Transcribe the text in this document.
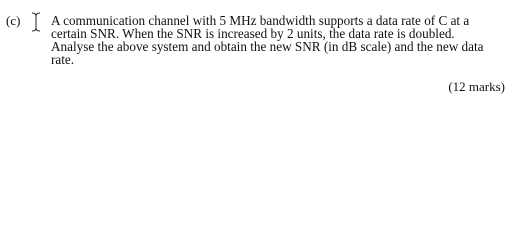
(c) A communication channel with 5 MHz bandwidth supports a data rate of C at a
certain SNR. When the SNR is increased by 2 units, the data rate is doubled.
Analyse the above system and obtain the new SNR (in dB scale) and the new data
rate.
(12 marks)
